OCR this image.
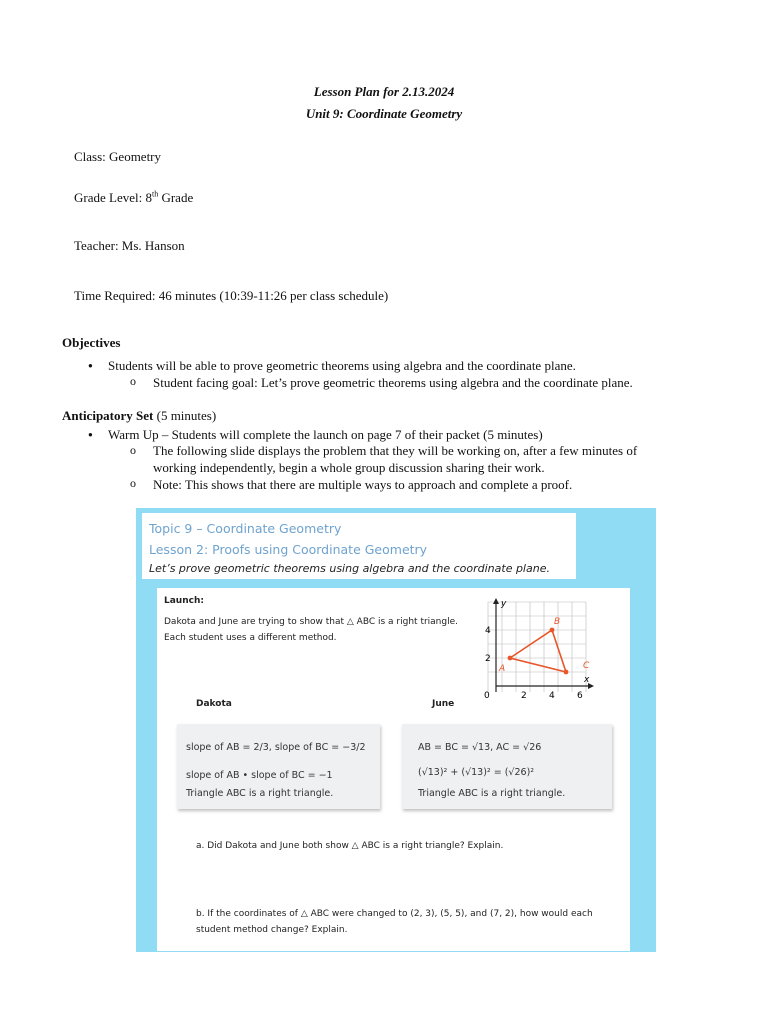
Lesson Plan for 2.13.2024
Unit 9: Coordinate Geometry
Class: Geometry
Grade Level: 8th Grade
Teacher: Ms. Hanson
Time Required: 46 minutes (10:39-11:26 per class schedule)
Objectives
● Students will be able to prove geometric theorems using algebra and the coordinate plane.
o Student facing goal: Let’s prove geometric theorems using algebra and the coordinate plane.
Anticipatory Set (5 minutes)
● Warm Up – Students will complete the launch on page 7 of their packet (5 minutes)
o The following slide displays the problem that they will be working on, after a few minutes of
working independently, begin a whole group discussion sharing their work.
o Note: This shows that there are multiple ways to approach and complete a proof.
Topic 9 – Coordinate Geometry
Lesson 2: Proofs using Coordinate Geometry
Let’s prove geometric theorems using algebra and the coordinate plane.
Launch:
Dakota and June are trying to show that △ ABC is a right triangle.
Each student uses a different method.
y
x
0	2 4 6
2
4
A
B
C
Dakota	June
slope of AB = 2/3, slope of BC = −3/2
slope of AB • slope of BC = −1
Triangle ABC is a right triangle.
AB = BC = √13, AC = √26
(√13)² + (√13)² = (√26)²
Triangle ABC is a right triangle.
a. Did Dakota and June both show △ ABC is a right triangle? Explain.
b. If the coordinates of △ ABC were changed to (2, 3), (5, 5), and (7, 2), how would each
student method change? Explain.
